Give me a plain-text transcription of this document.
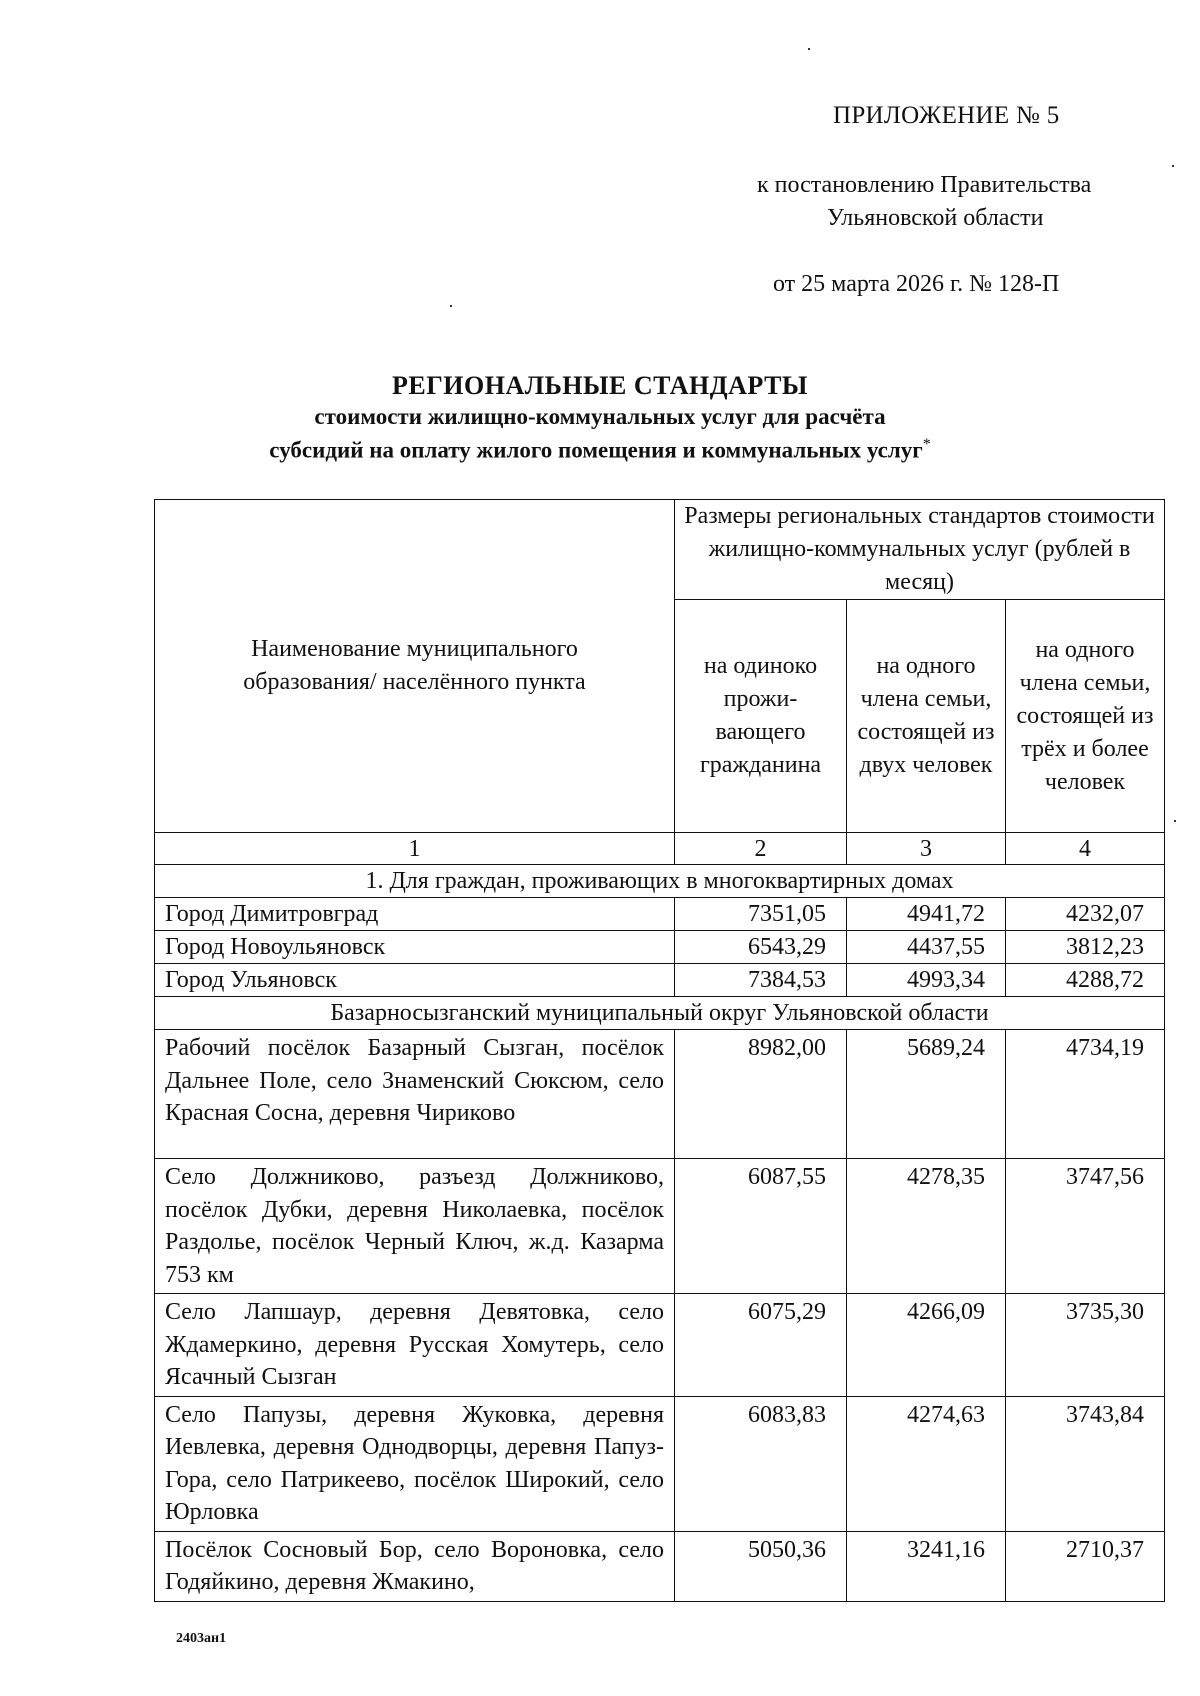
ПРИЛОЖЕНИЕ № 5
к постановлению Правительства
Ульяновской области
от 25 марта 2026 г. № 128-П
РЕГИОНАЛЬНЫЕ СТАНДАРТЫ
стоимости жилищно-коммунальных услуг для расчёта
субсидий на оплату жилого помещения и коммунальных услуг*
Наименование муниципального образования/ населённого пункта	Размеры региональных стандартов стоимости жилищно-коммунальных услуг (рублей в месяц)		

	на одиноко прожи-вающего гражданина	на одного члена семьи, состоящей из двух человек	на одного члена семьи, состоящей из трёх и более человек

1	2	3	4
1. Для граждан, проживающих в многоквартирных домах			
Город Димитровград	7351,05	4941,72	4232,07
Город Новоульяновск	6543,29	4437,55	3812,23
Город Ульяновск	7384,53	4993,34	4288,72
Базарносызганский муниципальный округ Ульяновской области			
Рабочий посёлок Базарный Сызган, посёлок Дальнее Поле, село Знаменский Сюксюм, село Красная Сосна, деревня Чириково	8982,00	5689,24	4734,19
Село Должниково, разъезд Должниково, посёлок Дубки, деревня Николаевка, посёлок Раздолье, посёлок Черный Ключ, ж.д. Казарма 753 км	6087,55	4278,35	3747,56
Село Лапшаур, деревня Девятовка, село Ждамеркино, деревня Русская Хомутерь, село Ясачный Сызган	6075,29	4266,09	3735,30
Село Папузы, деревня Жуковка, деревня Иевлевка, деревня Однодворцы, деревня Папуз-Гора, село Патрикеево, посёлок Широкий, село Юрловка	6083,83	4274,63	3743,84
Посёлок Сосновый Бор, село Вороновка, село Годяйкино, деревня Жмакино,	5050,36	3241,16	2710,37
2403ан1
